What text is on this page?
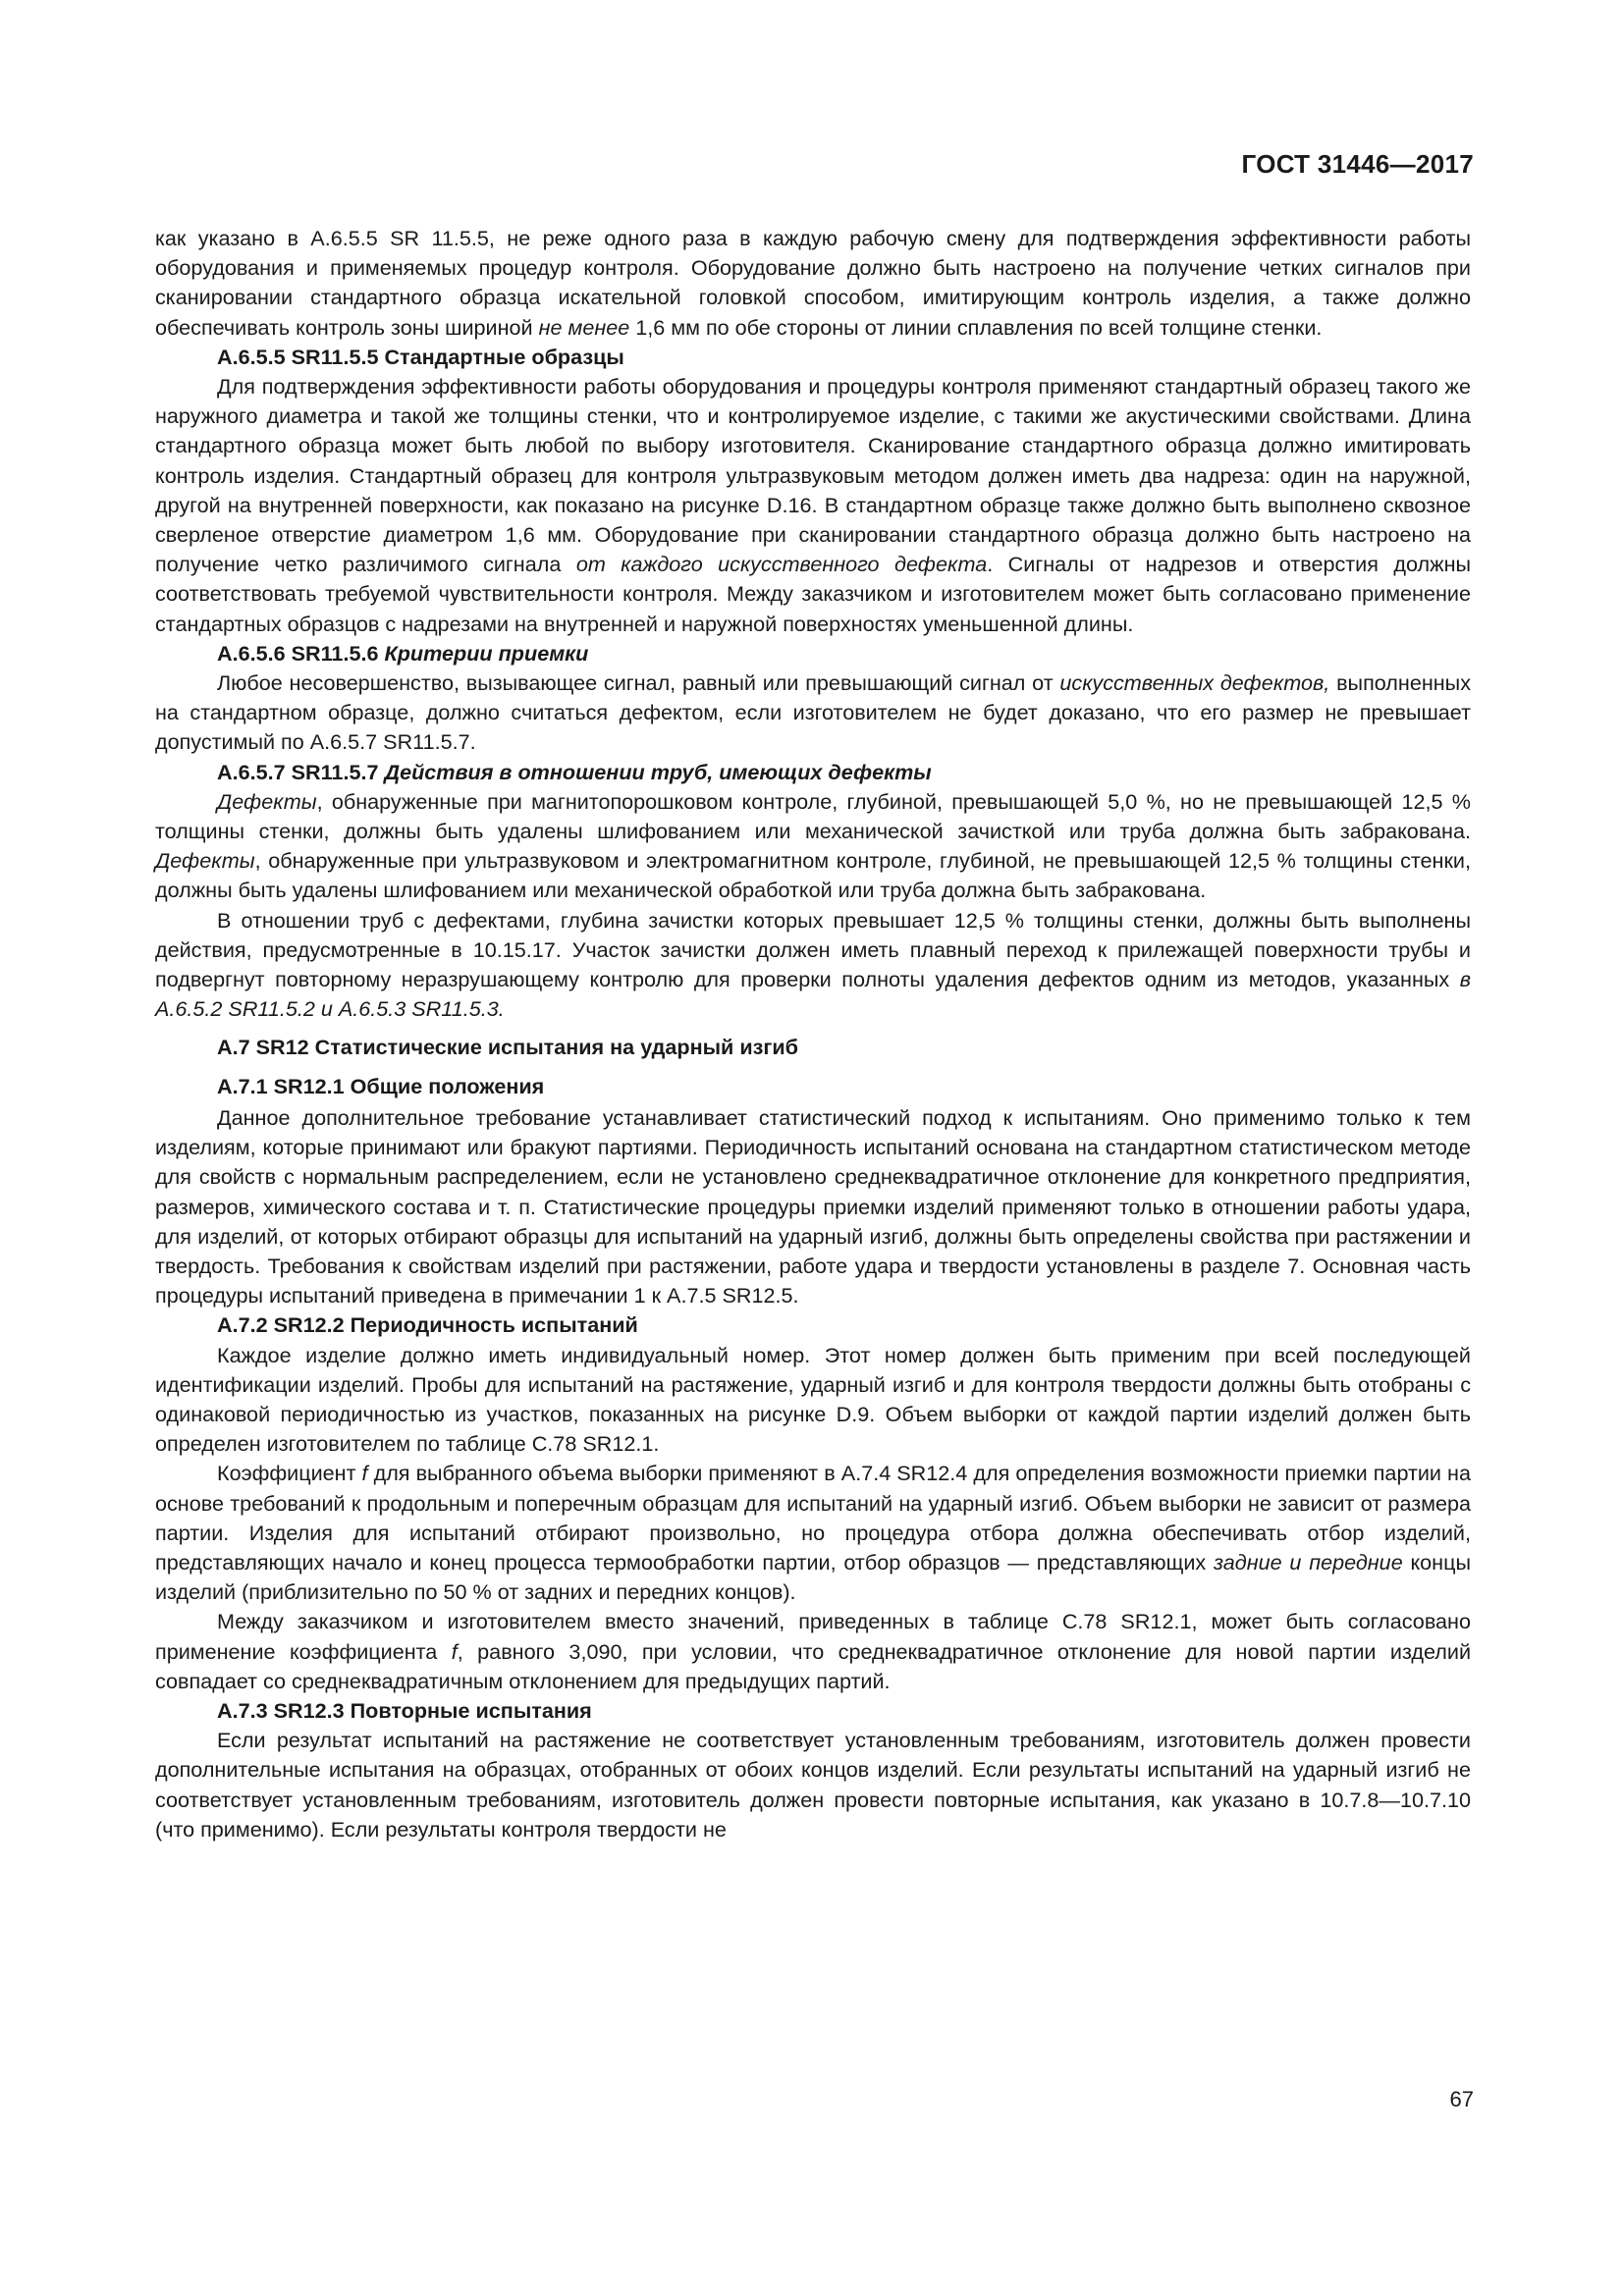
ГОСТ 31446—2017

как указано в А.6.5.5 SR 11.5.5, не реже одного раза в каждую рабочую смену для подтверждения эффективности работы оборудования и применяемых процедур контроля. Оборудование должно быть настроено на получение четких сигналов при сканировании стандартного образца искательной головкой способом, имитирующим контроль изделия, а также должно обеспечивать контроль зоны шириной не менее 1,6 мм по обе стороны от линии сплавления по всей толщине стенки.

А.6.5.5 SR11.5.5 Стандартные образцы

Для подтверждения эффективности работы оборудования и процедуры контроля применяют стандартный образец такого же наружного диаметра и такой же толщины стенки, что и контролируемое изделие, с такими же акустическими свойствами. Длина стандартного образца может быть любой по выбору изготовителя. Сканирование стандартного образца должно имитировать контроль изделия. Стандартный образец для контроля ультразвуковым методом должен иметь два надреза: один на наружной, другой на внутренней поверхности, как показано на рисунке D.16. В стандартном образце также должно быть выполнено сквозное сверленое отверстие диаметром 1,6 мм. Оборудование при сканировании стандартного образца должно быть настроено на получение четко различимого сигнала от каждого искусственного дефекта. Сигналы от надрезов и отверстия должны соответствовать требуемой чувствительности контроля. Между заказчиком и изготовителем может быть согласовано применение стандартных образцов с надрезами на внутренней и наружной поверхностях уменьшенной длины.

А.6.5.6 SR11.5.6 Критерии приемки

Любое несовершенство, вызывающее сигнал, равный или превышающий сигнал от искусственных дефектов, выполненных на стандартном образце, должно считаться дефектом, если изготовителем не будет доказано, что его размер не превышает допустимый по А.6.5.7 SR11.5.7.

А.6.5.7 SR11.5.7 Действия в отношении труб, имеющих дефекты

Дефекты, обнаруженные при магнитопорошковом контроле, глубиной, превышающей 5,0 %, но не превышающей 12,5 % толщины стенки, должны быть удалены шлифованием или механической зачисткой или труба должна быть забракована. Дефекты, обнаруженные при ультразвуковом и электромагнитном контроле, глубиной, не превышающей 12,5 % толщины стенки, должны быть удалены шлифованием или механической обработкой или труба должна быть забракована.

В отношении труб с дефектами, глубина зачистки которых превышает 12,5 % толщины стенки, должны быть выполнены действия, предусмотренные в 10.15.17. Участок зачистки должен иметь плавный переход к прилежащей поверхности трубы и подвергнут повторному неразрушающему контролю для проверки полноты удаления дефектов одним из методов, указанных в А.6.5.2 SR11.5.2 и А.6.5.3 SR11.5.3.

А.7 SR12 Статистические испытания на ударный изгиб

А.7.1 SR12.1 Общие положения

Данное дополнительное требование устанавливает статистический подход к испытаниям. Оно применимо только к тем изделиям, которые принимают или бракуют партиями. Периодичность испытаний основана на стандартном статистическом методе для свойств с нормальным распределением, если не установлено среднеквадратичное отклонение для конкретного предприятия, размеров, химического состава и т. п. Статистические процедуры приемки изделий применяют только в отношении работы удара, для изделий, от которых отбирают образцы для испытаний на ударный изгиб, должны быть определены свойства при растяжении и твердость. Требования к свойствам изделий при растяжении, работе удара и твердости установлены в разделе 7. Основная часть процедуры испытаний приведена в примечании 1 к А.7.5 SR12.5.

А.7.2 SR12.2 Периодичность испытаний

Каждое изделие должно иметь индивидуальный номер. Этот номер должен быть применим при всей последующей идентификации изделий. Пробы для испытаний на растяжение, ударный изгиб и для контроля твердости должны быть отобраны с одинаковой периодичностью из участков, показанных на рисунке D.9. Объем выборки от каждой партии изделий должен быть определен изготовителем по таблице С.78 SR12.1.

Коэффициент f для выбранного объема выборки применяют в А.7.4 SR12.4 для определения возможности приемки партии на основе требований к продольным и поперечным образцам для испытаний на ударный изгиб. Объем выборки не зависит от размера партии. Изделия для испытаний отбирают произвольно, но процедура отбора должна обеспечивать отбор изделий, представляющих начало и конец процесса термообработки партии, отбор образцов — представляющих задние и передние концы изделий (приблизительно по 50 % от задних и передних концов).

Между заказчиком и изготовителем вместо значений, приведенных в таблице С.78 SR12.1, может быть согласовано применение коэффициента f, равного 3,090, при условии, что среднеквадратичное отклонение для новой партии изделий совпадает со среднеквадратичным отклонением для предыдущих партий.

А.7.3 SR12.3 Повторные испытания

Если результат испытаний на растяжение не соответствует установленным требованиям, изготовитель должен провести дополнительные испытания на образцах, отобранных от обоих концов изделий. Если результаты испытаний на ударный изгиб не соответствует установленным требованиям, изготовитель должен провести повторные испытания, как указано в 10.7.8—10.7.10 (что применимо). Если результаты контроля твердости не

67
